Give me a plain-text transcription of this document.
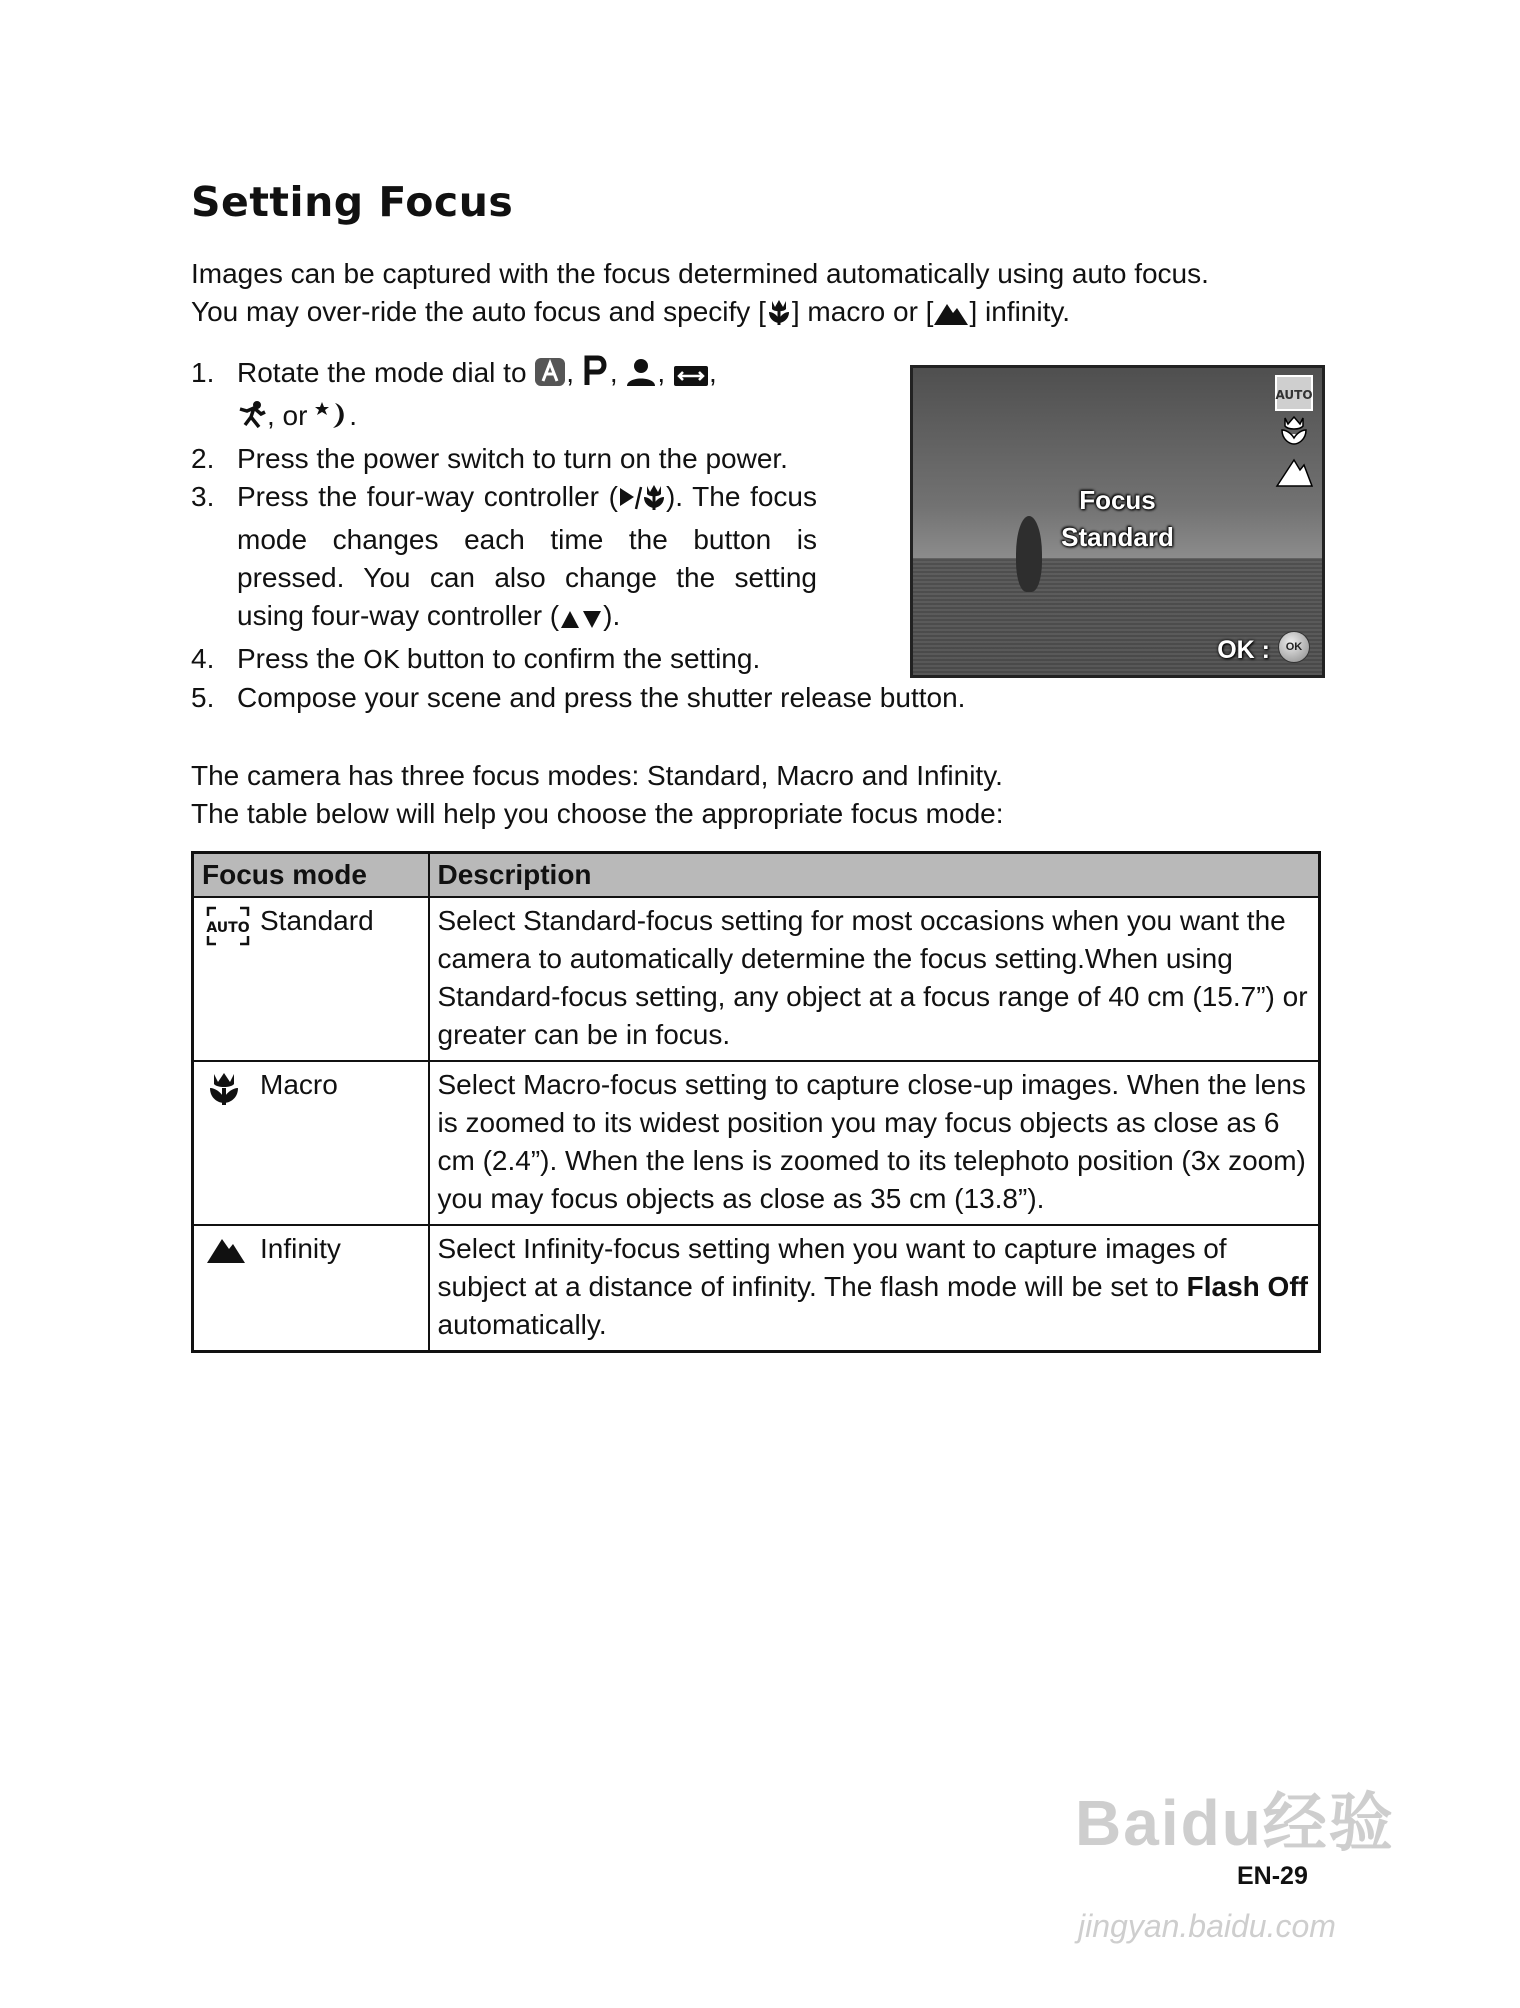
Setting Focus

Images can be captured with the focus determined automatically using auto focus.

You may over-ride the auto focus and specify [ ] macro or [ ] infinity.

1. Rotate the mode dial to , , , ,
, or .
2. Press the power switch to turn on the power.
3. Press the four-way controller ( ). The focus mode changes each time the button is pressed. You can also change the setting using four-way controller ( ).
4. Press the OK button to confirm the setting.
5. Compose your scene and press the shutter release button.
Focus
Standard
AUTO
OK :	OK

The camera has three focus modes: Standard, Macro and Infinity.

The table below will help you choose the appropriate focus mode:

Focus mode	Description

AUTO Standard	Select Standard-focus setting for most occasions when you want the camera to automatically determine the focus setting.When using Standard-focus setting, any object at a focus range of 40 cm (15.7”) or greater can be in focus.

Macro	Select Macro-focus setting to capture close-up images. When the lens is zoomed to its widest position you may focus objects as close as 6 cm (2.4”). When the lens is zoomed to its telephoto position (3x zoom) you may focus objects as close as 35 cm (13.8”).

Infinity	Select Infinity-focus setting when you want to capture images of subject at a distance of infinity. The flash mode will be set to Flash Off automatically.
Baidu经验
jingyan.baidu.com
EN-29
